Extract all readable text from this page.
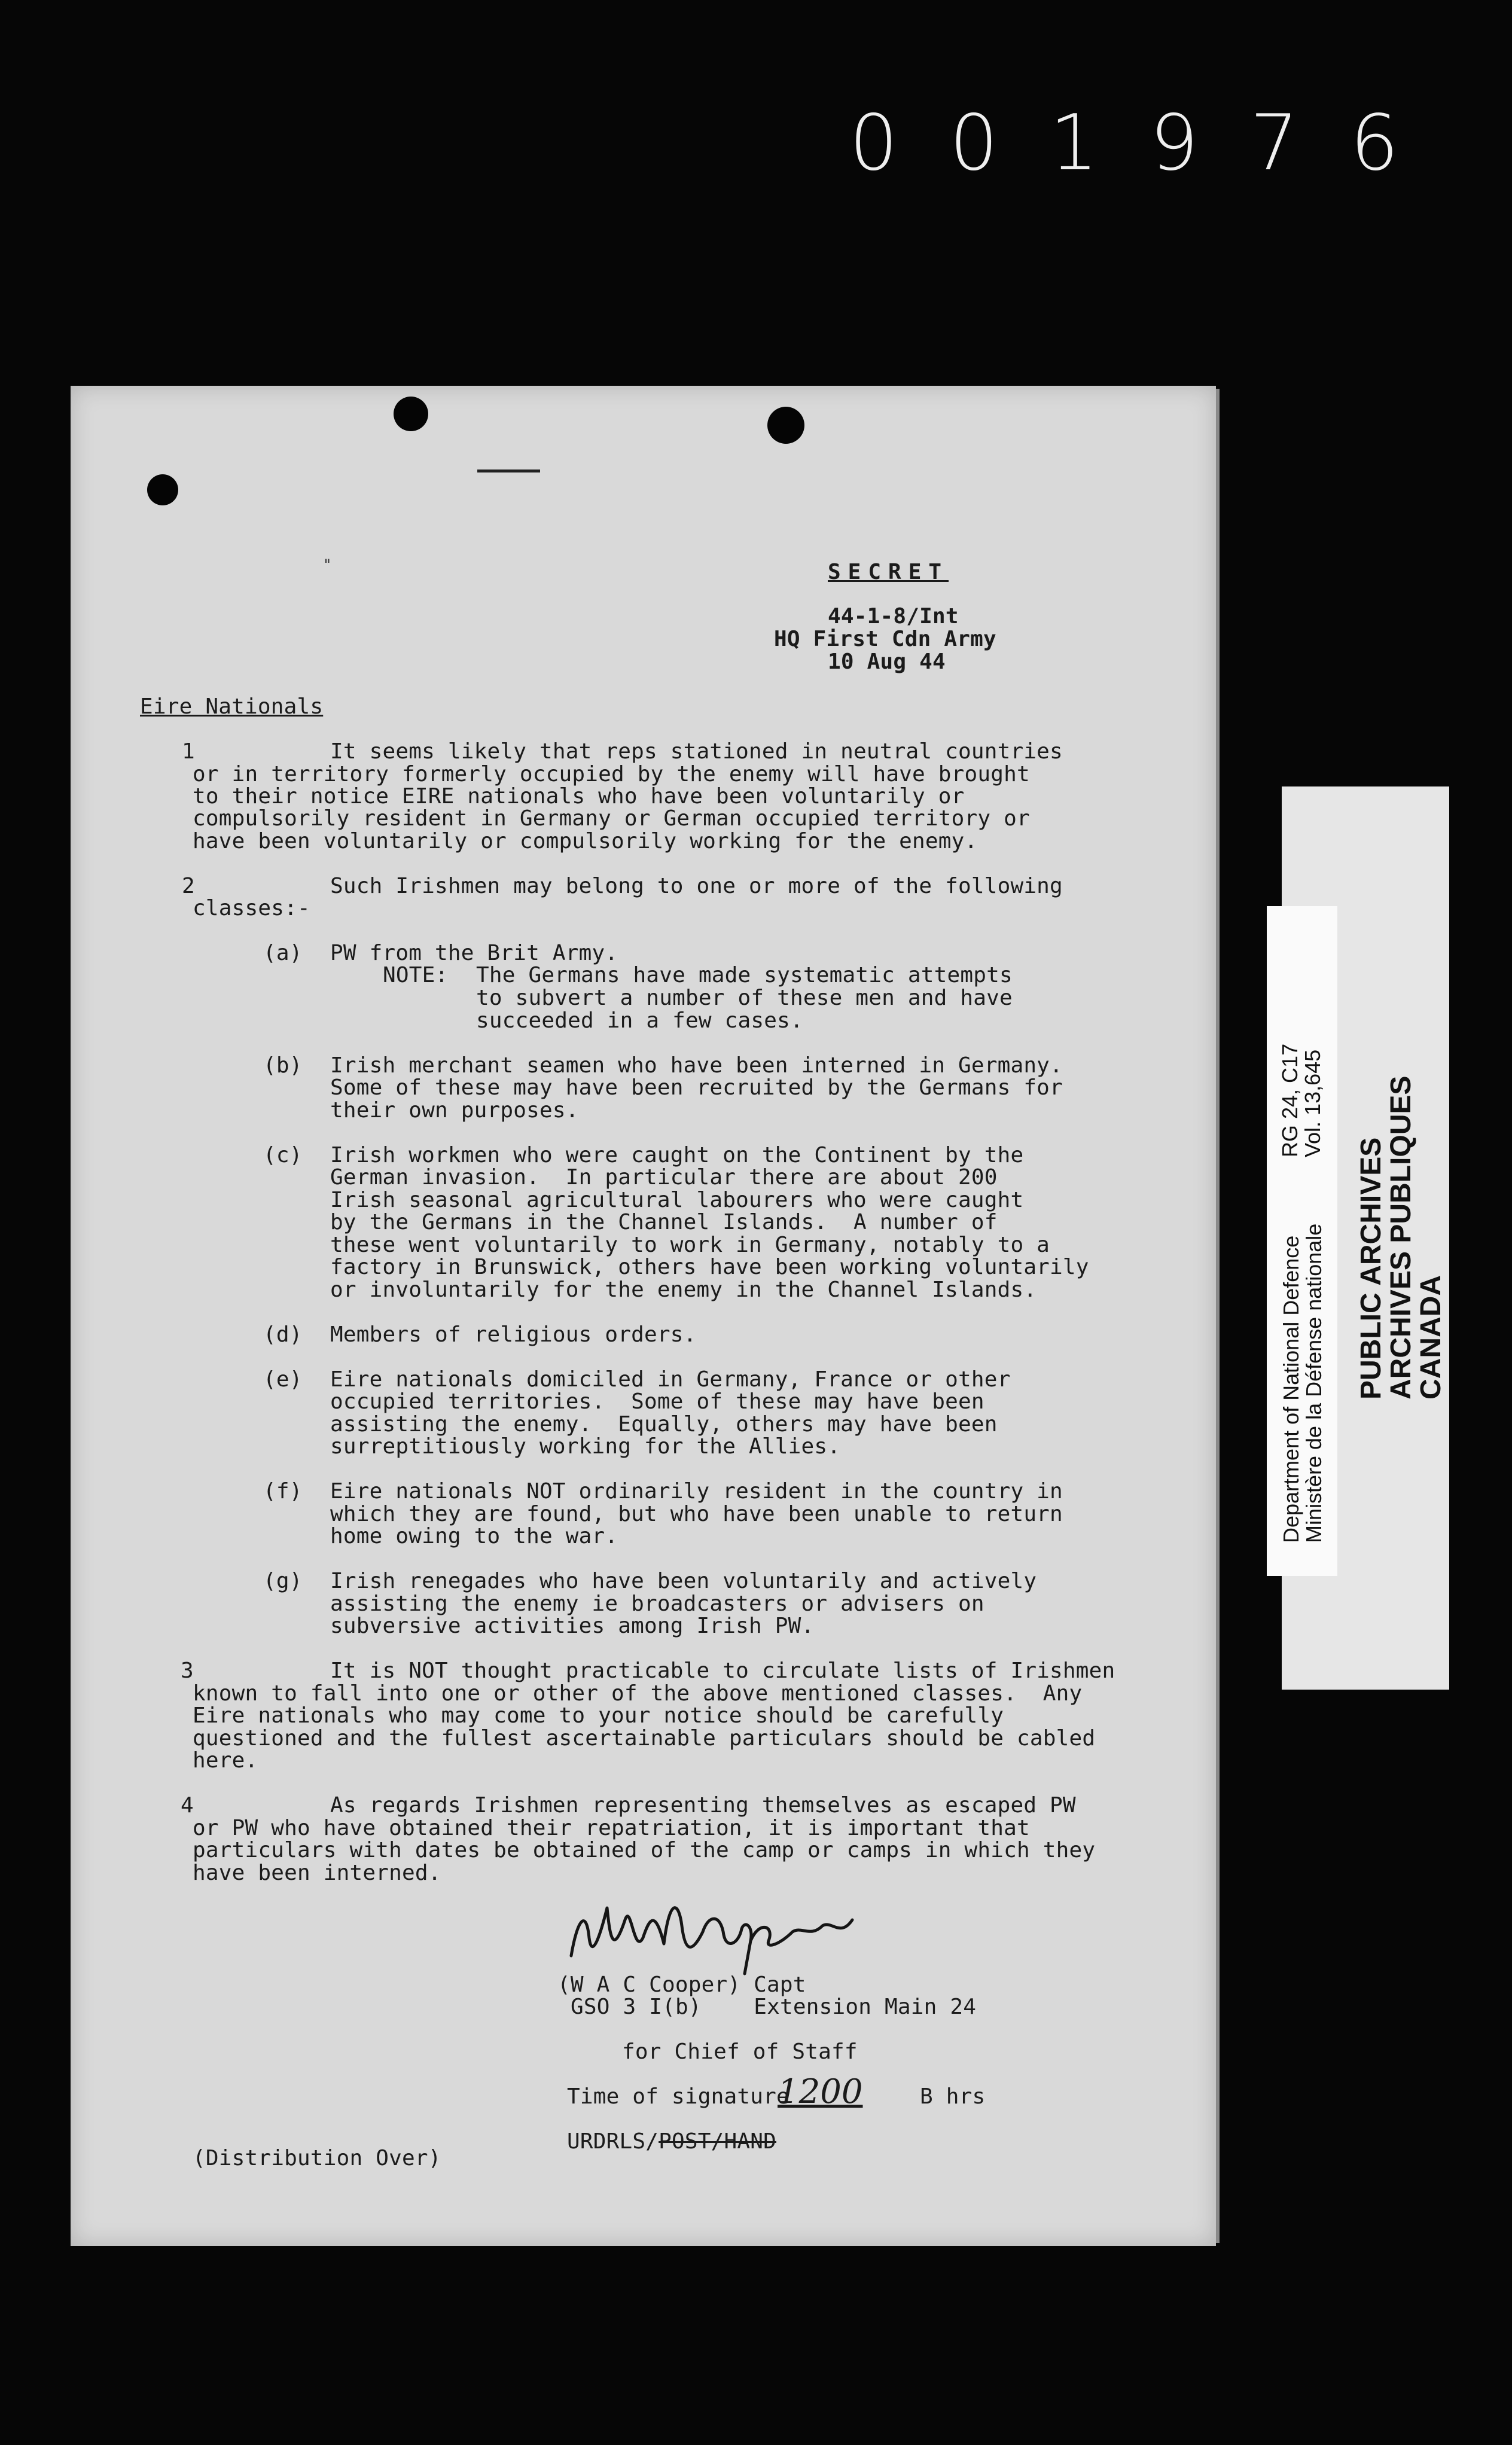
001976
"	SECRET
44-1-8/Int
HQ First Cdn Army
10 Aug 44
Eire Nationals
1	It seems likely that reps stationed in neutral countries
or in territory formerly occupied by the enemy will have brought
to their notice EIRE nationals who have been voluntarily or
compulsorily resident in Germany or German occupied territory or
have been voluntarily or compulsorily working for the enemy.
2	Such Irishmen may belong to one or more of the following
classes:-
(a) PW from the Brit Army.
NOTE: The Germans have made systematic attempts
to subvert a number of these men and have
succeeded in a few cases.
(b) Irish merchant seamen who have been interned in Germany.
Some of these may have been recruited by the Germans for
their own purposes.
(c) Irish workmen who were caught on the Continent by the
German invasion.  In particular there are about 200
Irish seasonal agricultural labourers who were caught
by the Germans in the Channel Islands.  A number of
these went voluntarily to work in Germany, notably to a
factory in Brunswick, others have been working voluntarily
or involuntarily for the enemy in the Channel Islands.
(d) Members of religious orders.
(e) Eire nationals domiciled in Germany, France or other
occupied territories.  Some of these may have been
assisting the enemy.  Equally, others may have been
surreptitiously working for the Allies.
(f) Eire nationals NOT ordinarily resident in the country in
which they are found, but who have been unable to return
home owing to the war.
(g) Irish renegades who have been voluntarily and actively
assisting the enemy ie broadcasters or advisers on
subversive activities among Irish PW.
3	It is NOT thought practicable to circulate lists of Irishmen
known to fall into one or other of the above mentioned classes.  Any
Eire nationals who may come to your notice should be carefully
questioned and the fullest ascertainable particulars should be cabled
here.
4	As regards Irishmen representing themselves as escaped PW
or PW who have obtained their repatriation, it is important that
particulars with dates be obtained of the camp or camps in which they
have been interned.
(W A C Cooper) Capt
GSO 3 I(b)    Extension Main 24
for Chief of Staff
Time of signature
1200	B hrs
URDRLS/POST/HAND
(Distribution Over)
Department of National Defence
Ministère de la Défense nationale
RG 24, C17
Vol. 13,645
PUBLIC ARCHIVES
ARCHIVES PUBLIQUES
CANADA
